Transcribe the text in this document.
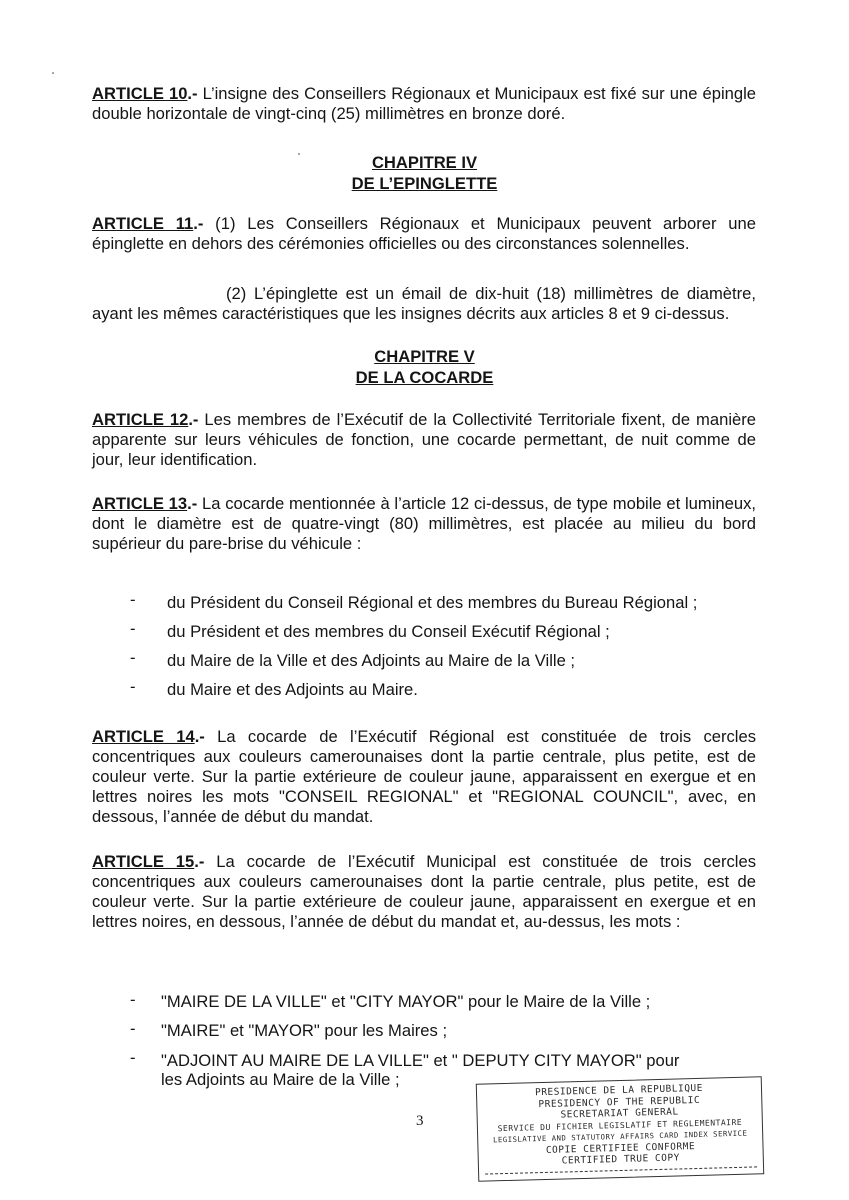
ARTICLE 10.- L’insigne des Conseillers Régionaux et Municipaux est fixé sur une épingle double horizontale de vingt-cinq (25) millimètres en bronze doré.
CHAPITRE IV
DE L’EPINGLETTE
ARTICLE 11.- (1) Les Conseillers Régionaux et Municipaux peuvent arborer une épinglette en dehors des cérémonies officielles ou des circonstances solennelles.
(2) L’épinglette est un émail de dix-huit (18) millimètres de diamètre, ayant les mêmes caractéristiques que les insignes décrits aux articles 8 et 9 ci-dessus.
CHAPITRE V
DE LA COCARDE
ARTICLE 12.- Les membres de l’Exécutif de la Collectivité Territoriale fixent, de manière apparente sur leurs véhicules de fonction, une cocarde permettant, de nuit comme de jour, leur identification.
ARTICLE 13.- La cocarde mentionnée à l’article 12 ci-dessus, de type mobile et lumineux, dont le diamètre est de quatre-vingt (80) millimètres, est placée au milieu du bord supérieur du pare-brise du véhicule :
- du Président du Conseil Régional et des membres du Bureau Régional ;
- du Président et des membres du Conseil Exécutif Régional ;
- du Maire de la Ville et des Adjoints au Maire de la Ville ;
- du Maire et des Adjoints au Maire.
ARTICLE 14.- La cocarde de l’Exécutif Régional est constituée de trois cercles concentriques aux couleurs camerounaises dont la partie centrale, plus petite, est de couleur verte. Sur la partie extérieure de couleur jaune, apparaissent en exergue et en lettres noires les mots "CONSEIL REGIONAL" et "REGIONAL COUNCIL", avec, en dessous, l’année de début du mandat.
ARTICLE 15.- La cocarde de l’Exécutif Municipal est constituée de trois cercles concentriques aux couleurs camerounaises dont la partie centrale, plus petite, est de couleur verte. Sur la partie extérieure de couleur jaune, apparaissent en exergue et en lettres noires, en dessous, l’année de début du mandat et, au-dessus, les mots :
- "MAIRE DE LA VILLE" et "CITY MAYOR" pour le Maire de la Ville ;
- "MAIRE" et "MAYOR" pour les Maires ;
- "ADJOINT AU MAIRE DE LA VILLE" et " DEPUTY CITY MAYOR" pour
les Adjoints au Maire de la Ville ;
3
PRESIDENCE DE LA REPUBLIQUE
PRESIDENCY OF THE REPUBLIC
SECRETARIAT GENERAL
SERVICE DU FICHIER LEGISLATIF ET REGLEMENTAIRE
LEGISLATIVE AND STATUTORY AFFAIRS CARD INDEX SERVICE
COPIE CERTIFIEE CONFORME
CERTIFIED TRUE COPY
